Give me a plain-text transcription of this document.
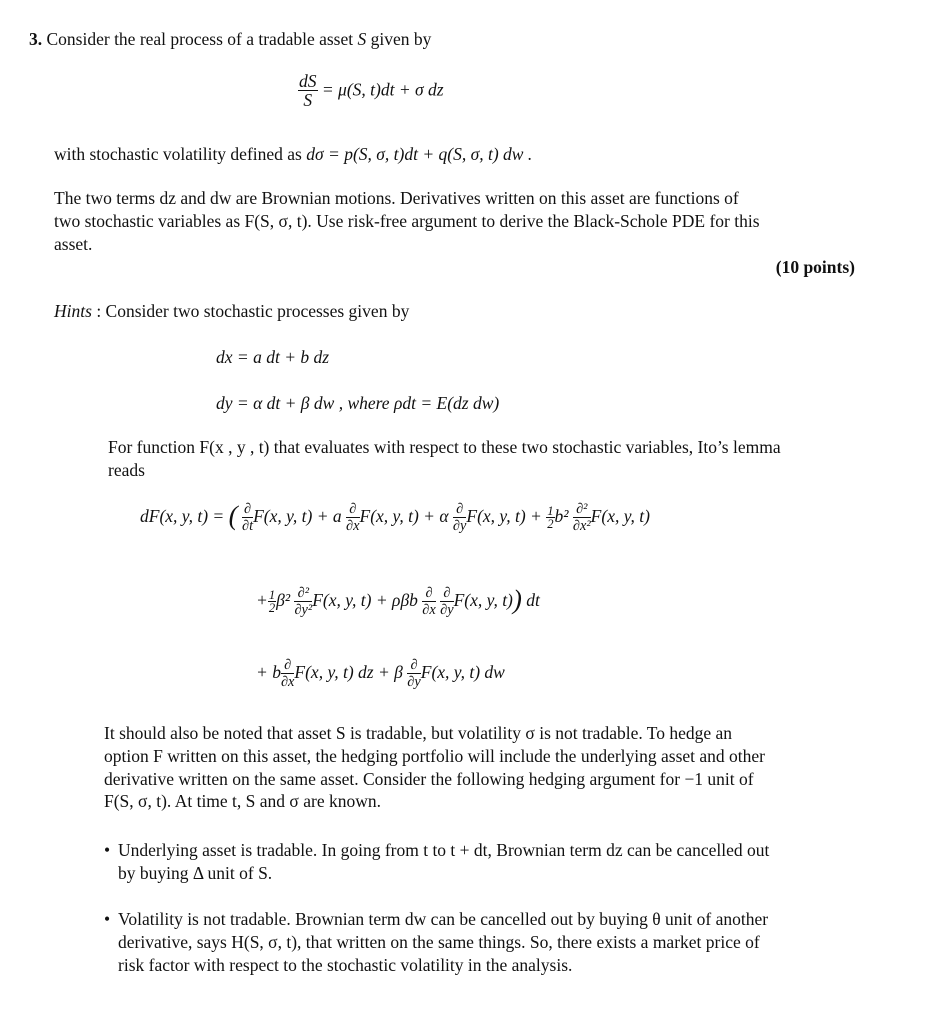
3. Consider the real process of a tradable asset S given by
$\frac{dS}{S} = \mu(S$, t)dt + σ dz
with stochastic volatility defined as dσ = p(S, σ, t)dt + q(S, σ, t) dw .
The two terms dz and dw are Brownian motions. Derivatives written on this asset are functions of
two stochastic variables as F(S, σ, t). Use risk-free argument to derive the Black-Schole PDE for this
asset.
(10 points)
Hints : Consider two stochastic processes given by
dx = a dt + b dz
dy = α dt + β dw , where ρdt = E(dz dw)
For function F(x , y , t) that evaluates with respect to these two stochastic variables, Ito’s lemma
reads
dF(x, y, t) = ( $\frac{\partial}{\partial t} F(x$, y, t) + a $\frac{\partial}{\partial x} F(x$, y, t) + α $\frac{\partial}{\partial y} F(x$, y, $t) + \frac{1}{2} b^2 \frac{\text{∂²}}{\text{∂x²}} F(x$, y, t)
+ $\frac{1}{2} \beta^2 \frac{\text{∂²}}{\text{∂y²}} F(x$, y, t) + ρβb $\frac{\partial}{\partial x}$
$\frac{\partial}{\partial y} F(x$, y, t)) dt
+ b $\frac{\partial}{\partial x} F(x$, y, t) dz + β $\frac{\partial}{\partial y} F(x$, y, t) dw
It should also be noted that asset S is tradable, but volatility σ is not tradable. To hedge an
option F written on this asset, the hedging portfolio will include the underlying asset and other
derivative written on the same asset. Consider the following hedging argument for −1 unit of
F(S, σ, t). At time t, S and σ are known.
• Underlying asset is tradable. In going from t to t + dt, Brownian term dz can be cancelled out
by buying Δ unit of S.
• Volatility is not tradable. Brownian term dw can be cancelled out by buying θ unit of another
derivative, says H(S, σ, t), that written on the same things. So, there exists a market price of
risk factor with respect to the stochastic volatility in the analysis.
